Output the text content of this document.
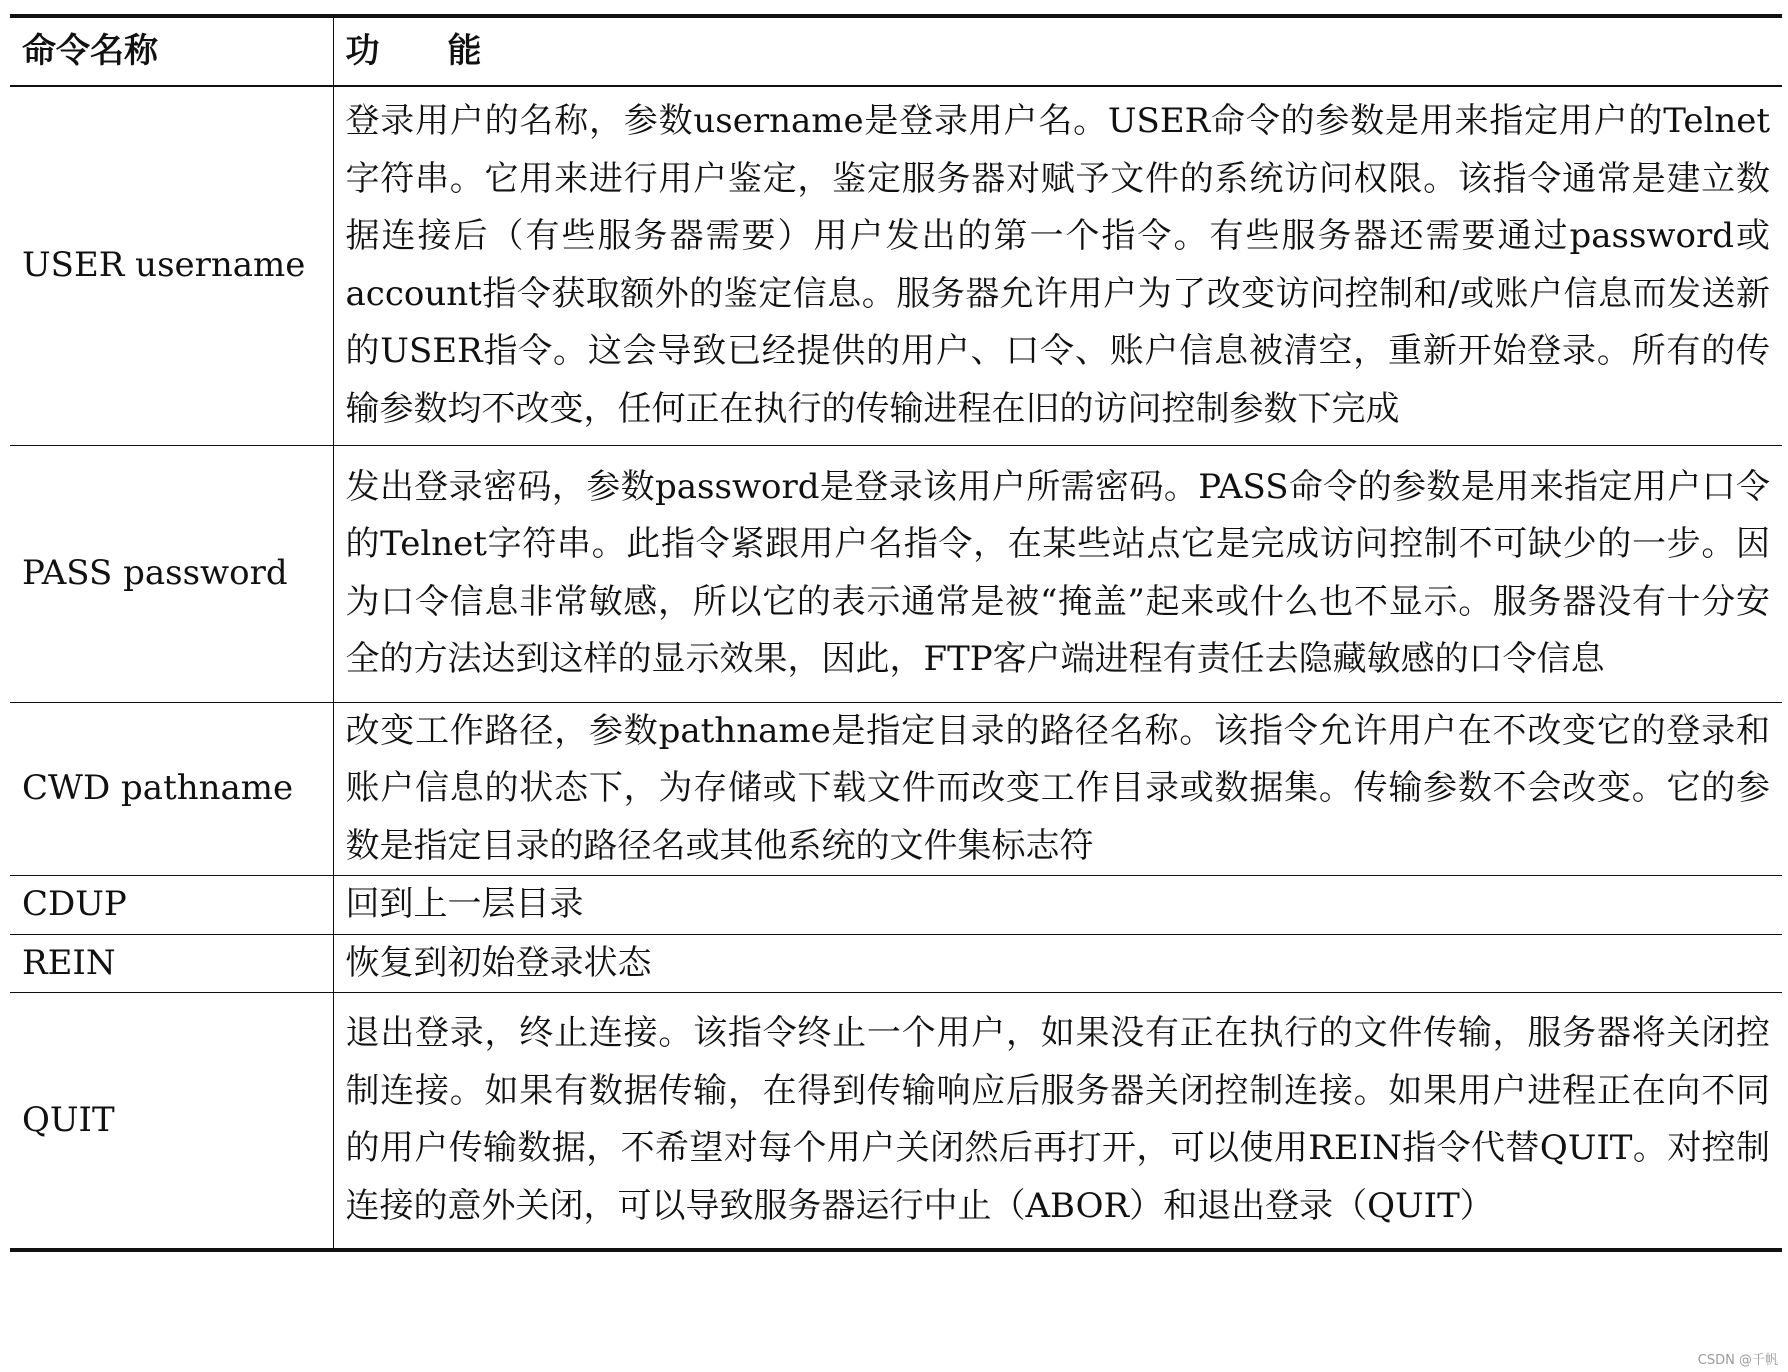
命令名称	功　　能
USER username	登录用户的名称，参数username是登录用户名。USER命令的参数是用来指定用户的Telnet字符串。它用来进行用户鉴定，鉴定服务器对赋予文件的系统访问权限。该指令通常是建立数据连接后（有些服务器需要）用户发出的第一个指令。有些服务器还需要通过password或account指令获取额外的鉴定信息。服务器允许用户为了改变访问控制和/或账户信息而发送新的USER指令。这会导致已经提供的用户、口令、账户信息被清空，重新开始登录。所有的传输参数均不改变，任何正在执行的传输进程在旧的访问控制参数下完成
PASS password	发出登录密码，参数password是登录该用户所需密码。PASS命令的参数是用来指定用户口令的Telnet字符串。此指令紧跟用户名指令，在某些站点它是完成访问控制不可缺少的一步。因为口令信息非常敏感，所以它的表示通常是被“掩盖”起来或什么也不显示。服务器没有十分安全的方法达到这样的显示效果，因此，FTP客户端进程有责任去隐藏敏感的口令信息
CWD pathname	改变工作路径，参数pathname是指定目录的路径名称。该指令允许用户在不改变它的登录和账户信息的状态下，为存储或下载文件而改变工作目录或数据集。传输参数不会改变。它的参数是指定目录的路径名或其他系统的文件集标志符
CDUP	回到上一层目录
REIN	恢复到初始登录状态
QUIT	退出登录，终止连接。该指令终止一个用户，如果没有正在执行的文件传输，服务器将关闭控制连接。如果有数据传输，在得到传输响应后服务器关闭控制连接。如果用户进程正在向不同的用户传输数据，不希望对每个用户关闭然后再打开，可以使用REIN指令代替QUIT。对控制连接的意外关闭，可以导致服务器运行中止（ABOR）和退出登录（QUIT）
CSDN @千帆
